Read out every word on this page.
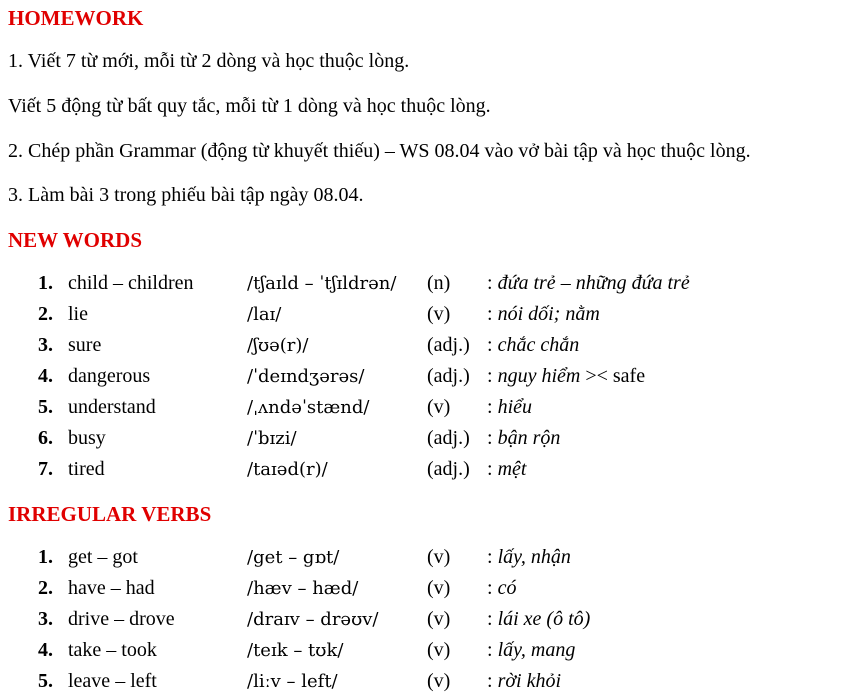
HOMEWORK
1. Viết 7 từ mới, mỗi từ 2 dòng và học thuộc lòng.
Viết 5 động từ bất quy tắc, mỗi từ 1 dòng và học thuộc lòng.
2. Chép phần Grammar (động từ khuyết thiếu) – WS 08.04 vào vở bài tập và học thuộc lòng.
3. Làm bài 3 trong phiếu bài tập ngày 08.04.
NEW WORDS
1. child – children	/tʃaɪld – ˈtʃɪldrən/ (n) : đứa trẻ – những đứa trẻ
2. lie	/laɪ/	(v) : nói dối; nằm
3. sure	/ʃʊə(r)/	(adj.) : chắc chắn
4. dangerous	/ˈdeɪndʒərəs/	(adj.) : nguy hiểm >< safe
5. understand	/ˌʌndəˈstænd/	(v) : hiểu
6. busy	/ˈbɪzi/	(adj.) : bận rộn
7. tired	/taɪəd(r)/	(adj.) : mệt
IRREGULAR VERBS
1. get – got	/get – gɒt/	(v) : lấy, nhận
2. have – had	/hæv – hæd/	(v) : có
3. drive – drove	/draɪv – drəʊv/ (v) : lái xe (ô tô)
4. take – took	/teɪk – tʊk/	(v) : lấy, mang
5. leave – left	/liːv – left/	(v) : rời khỏi
